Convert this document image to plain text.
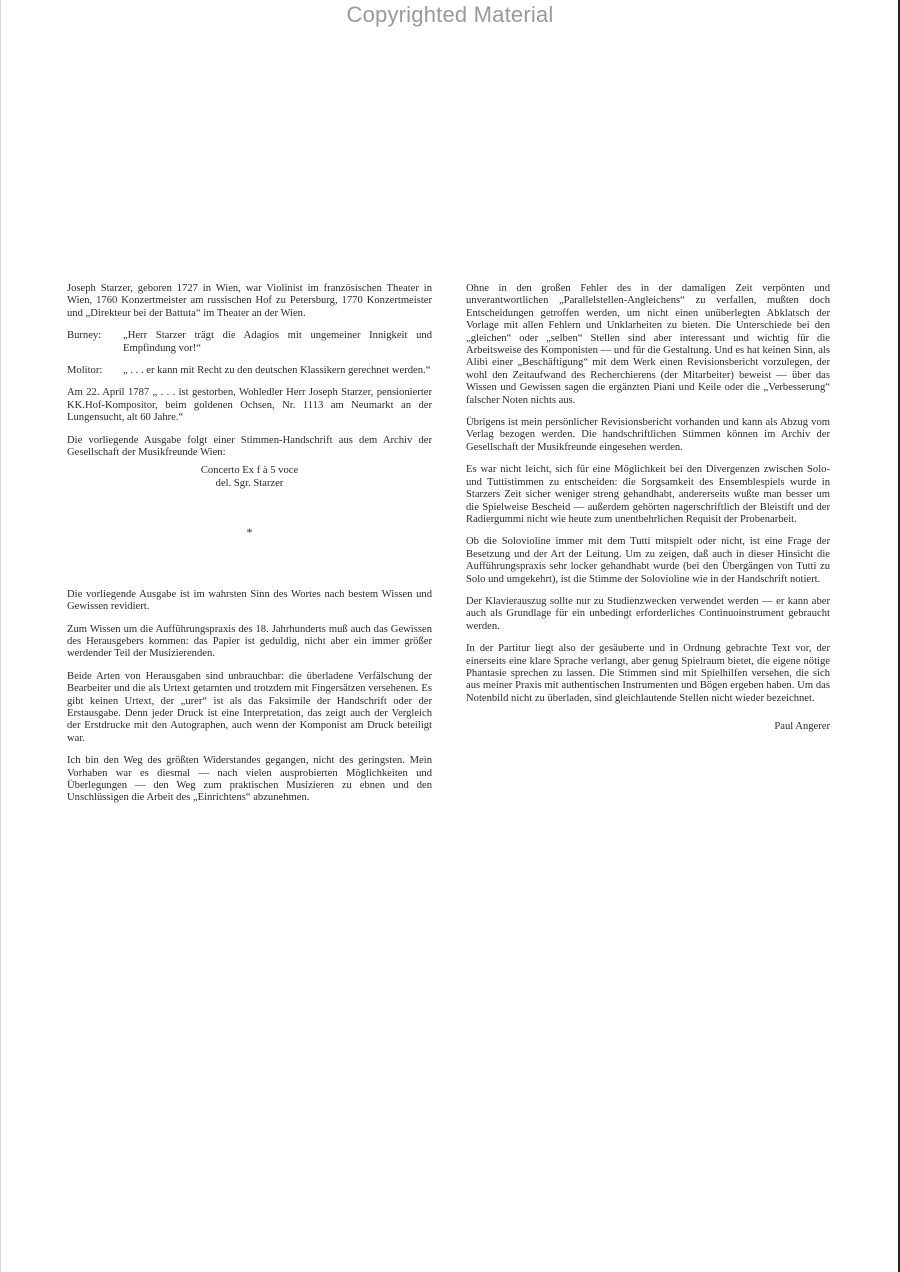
Copyrighted Material

Joseph Starzer, geboren 1727 in Wien, war Violinist im französischen Theater in Wien, 1760 Konzertmeister am russischen Hof zu Petersburg, 1770 Konzertmeister und „Direkteur bei der Battuta“ im Theater an der Wien.

Burney:	„Herr Starzer trägt die Adagios mit ungemeiner Innigkeit und Empfindung vor!“
Molitor:	„ . . . er kann mit Recht zu den deutschen Klassikern gerechnet werden.“

Am 22. April 1787 „ . . . ist gestorben, Wohledler Herr Joseph Starzer, pensionierter KK.Hof-Kompositor, beim goldenen Ochsen, Nr. 1113 am Neumarkt an der Lungensucht, alt 60 Jahre.“

Die vorliegende Ausgabe folgt einer Stimmen-Handschrift aus dem Archiv der Gesellschaft der Musikfreunde Wien:

Concerto Ex f à 5 voce
del. Sgr. Starzer
*

Die vorliegende Ausgabe ist im wahrsten Sinn des Wortes nach bestem Wissen und Gewissen revidiert.

Zum Wissen um die Aufführungspraxis des 18. Jahrhunderts muß auch das Gewissen des Herausgebers kommen: das Papier ist geduldig, nicht aber ein immer größer werdender Teil der Musizierenden.

Beide Arten von Herausgaben sind unbrauchbar: die überladene Verfälschung der Bearbeiter und die als Urtext getarnten und trotzdem mit Fingersätzen versehenen. Es gibt keinen Urtext, der „urer“ ist als das Faksimile der Handschrift oder der Erstausgabe. Denn jeder Druck ist eine Interpretation, das zeigt auch der Vergleich der Erstdrucke mit den Autographen, auch wenn der Komponist am Druck beteiligt war.

Ich bin den Weg des größten Widerstandes gegangen, nicht des geringsten. Mein Vorhaben war es diesmal — nach vielen ausprobierten Möglichkeiten und Überlegungen — den Weg zum praktischen Musizieren zu ebnen und den Unschlüssigen die Arbeit des „Einrichtens“ abzunehmen.

Ohne in den großen Fehler des in der damaligen Zeit verpönten und unverantwortlichen „Parallelstellen-Angleichens“ zu verfallen, mußten doch Entscheidungen getroffen werden, um nicht einen unüberlegten Abklatsch der Vorlage mit allen Fehlern und Unklarheiten zu bieten. Die Unterschiede bei den „gleichen“ oder „selben“ Stellen sind aber interessant und wichtig für die Arbeitsweise des Komponisten — und für die Gestaltung. Und es hat keinen Sinn, als Alibi einer „Beschäftigung“ mit dem Werk einen Revisionsbericht vorzulegen, der wohl den Zeitaufwand des Recherchierens (der Mitarbeiter) beweist — über das Wissen und Gewissen sagen die ergänzten Piani und Keile oder die „Verbesserung“ falscher Noten nichts aus.

Übrigens ist mein persönlicher Revisionsbericht vorhanden und kann als Abzug vom Verlag bezogen werden. Die handschriftlichen Stimmen können im Archiv der Gesellschaft der Musikfreunde eingesehen werden.

Es war nicht leicht, sich für eine Möglichkeit bei den Divergenzen zwischen Solo- und Tuttistimmen zu entscheiden: die Sorgsamkeit des Ensemblespiels wurde in Starzers Zeit sicher weniger streng gehandhabt, andererseits wußte man besser um die Spielweise Bescheid — außerdem gehörten nagerschriftlich der Bleistift und der Radiergummi nicht wie heute zum unentbehrlichen Requisit der Probenarbeit.

Ob die Solovioline immer mit dem Tutti mitspielt oder nicht, ist eine Frage der Besetzung und der Art der Leitung. Um zu zeigen, daß auch in dieser Hinsicht die Aufführungspraxis sehr locker gehandhabt wurde (bei den Übergängen von Tutti zu Solo und umgekehrt), ist die Stimme der Solovioline wie in der Handschrift notiert.

Der Klavierauszug sollte nur zu Studienzwecken verwendet werden — er kann aber auch als Grundlage für ein unbedingt erforderliches Continuoinstrument gebraucht werden.

In der Partitur liegt also der gesäuberte und in Ordnung gebrachte Text vor, der einerseits eine klare Sprache verlangt, aber genug Spielraum bietet, die eigene nötige Phantasie sprechen zu lassen. Die Stimmen sind mit Spielhilfen versehen, die sich aus meiner Praxis mit authentischen Instrumenten und Bögen ergeben haben. Um das Notenbild nicht zu überladen, sind gleichlautende Stellen nicht wieder bezeichnet.

Paul Angerer
